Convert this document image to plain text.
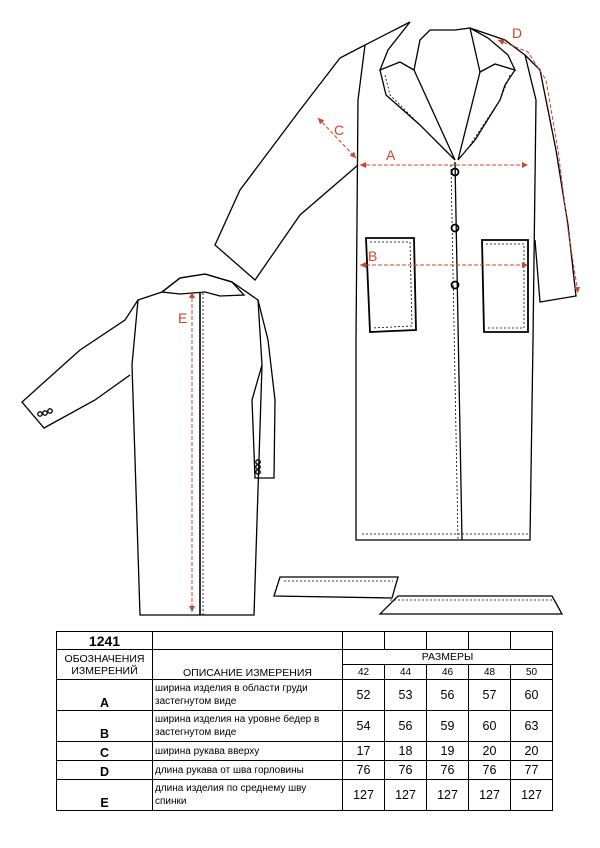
A
B
C
D
E
1241						

ОБОЗНАЧЕНИЯ
ИЗМЕРЕНИЙ	ОПИСАНИЕ ИЗМЕРЕНИЯ	РАЗМЕРЫ				
		42	44	46	48	50
A	ширина изделия в области груди застегнутом виде	52	53	56	57	60
B	ширина изделия на уровне бедер в застегнутом виде	54	56	59	60	63
C	ширина рукава вверху	17	18	19	20	20
D	длина рукава от шва горловины	76	76	76	76	77
E	длина изделия по среднему шву спинки	127	127	127	127	127
